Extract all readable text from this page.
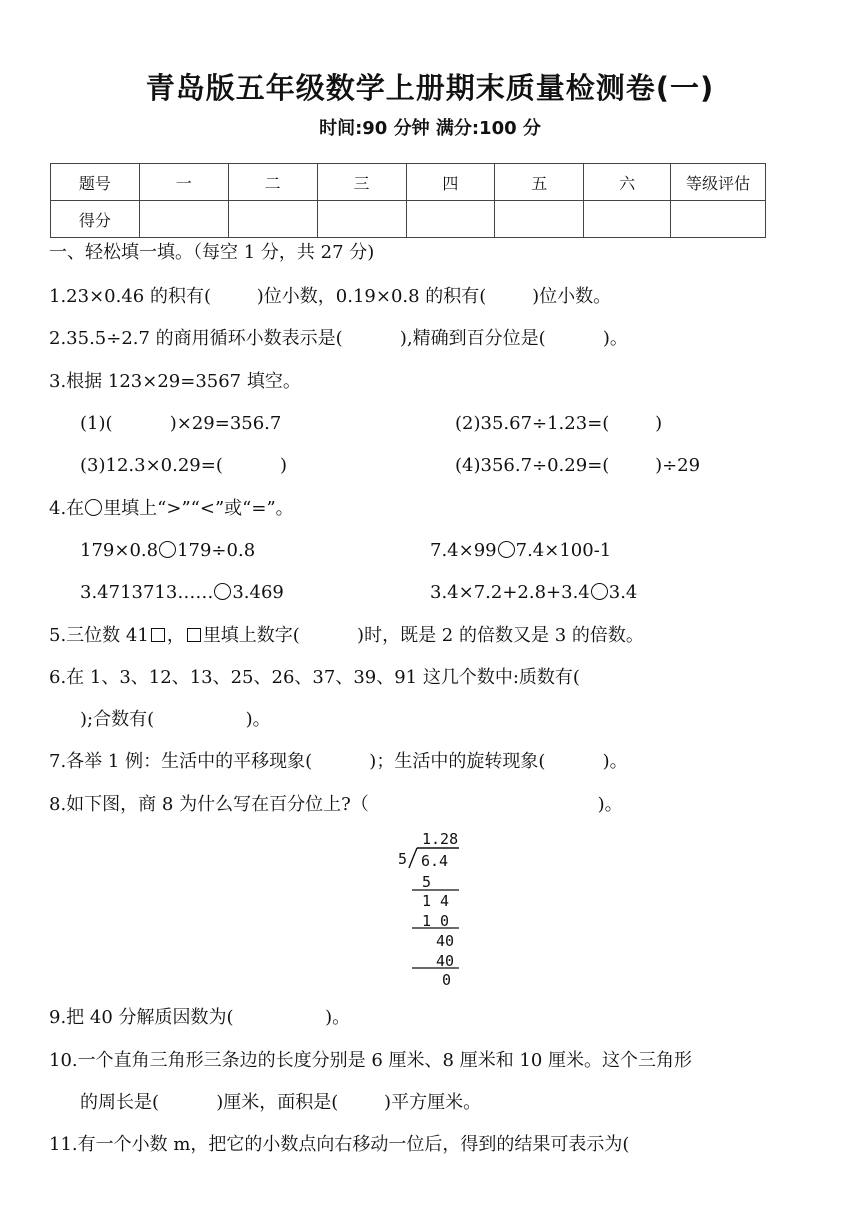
青岛版五年级数学上册期末质量检测卷(一)
时间:90 分钟 满分:100 分
题号	一	二	三	四	五	六	等级评估
得分							
一、轻松填一填。（每空 1 分，共 27 分)
1.23×0.46 的积有(        )位小数，0.19×0.8 的积有(        )位小数。
2.35.5÷2.7 的商用循环小数表示是(          ),精确到百分位是(          )。
3.根据 123×29=3567 填空。
(1)(          )×29=356.7	(2)35.67÷1.23=(        )
(3)12.3×0.29=(          )	(4)356.7÷0.29=(        )÷29
4.在 里填上“>”“<”或“=”。
179×0.8 179÷0.8	7.4×99 7.4×100-1
3.4713713…… 3.469	3.4×7.2+2.8+3.4 3.4
5.三位数 41 ， 里填上数字(          )时，既是 2 的倍数又是 3 的倍数。
6.在 1、3、12、13、25、26、37、39、91 这几个数中:质数有(
);合数有(                )。
7.各举 1 例：生活中的平移现象(          )；生活中的旋转现象(          )。
8.如下图，商 8 为什么写在百分位上?（                                        )。
1.28
5 6.4
5
1 4
1 0
40
40
0
9.把 40 分解质因数为(                )。
10.一个直角三角形三条边的长度分别是 6 厘米、8 厘米和 10 厘米。这个三角形
的周长是(          )厘米，面积是(        )平方厘米。
11.有一个小数 m，把它的小数点向右移动一位后，得到的结果可表示为(
